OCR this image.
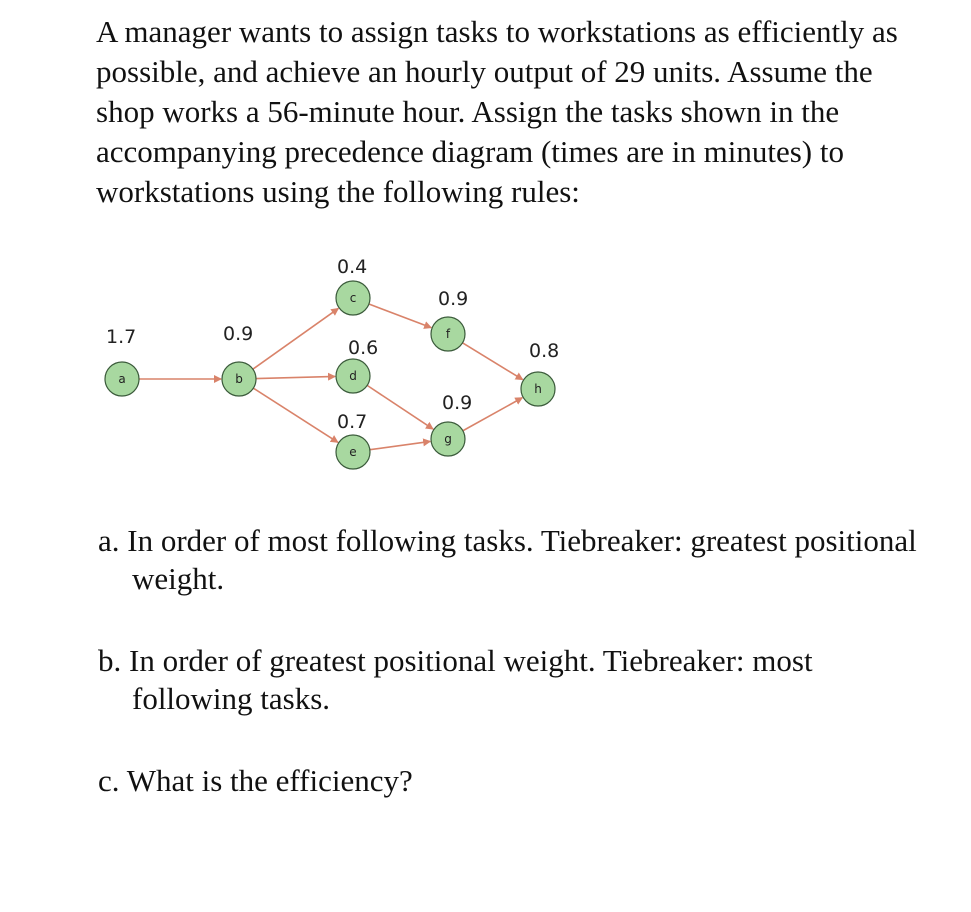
A manager wants to assign tasks to workstations as efficiently as possible, and achieve an hourly output of 29 units. Assume the shop works a 56-minute hour. Assign the tasks shown in the accompanying precedence diagram (times are in minutes) to workstations using the following rules:
a
1.7
b
0.9
c
0.4
d
0.6
e
0.7
f
0.9
g
0.9
h
0.8

a. In order of most following tasks. Tiebreaker: greatest positional weight.

b. In order of greatest positional weight. Tiebreaker: most following tasks.

c. What is the efficiency?
